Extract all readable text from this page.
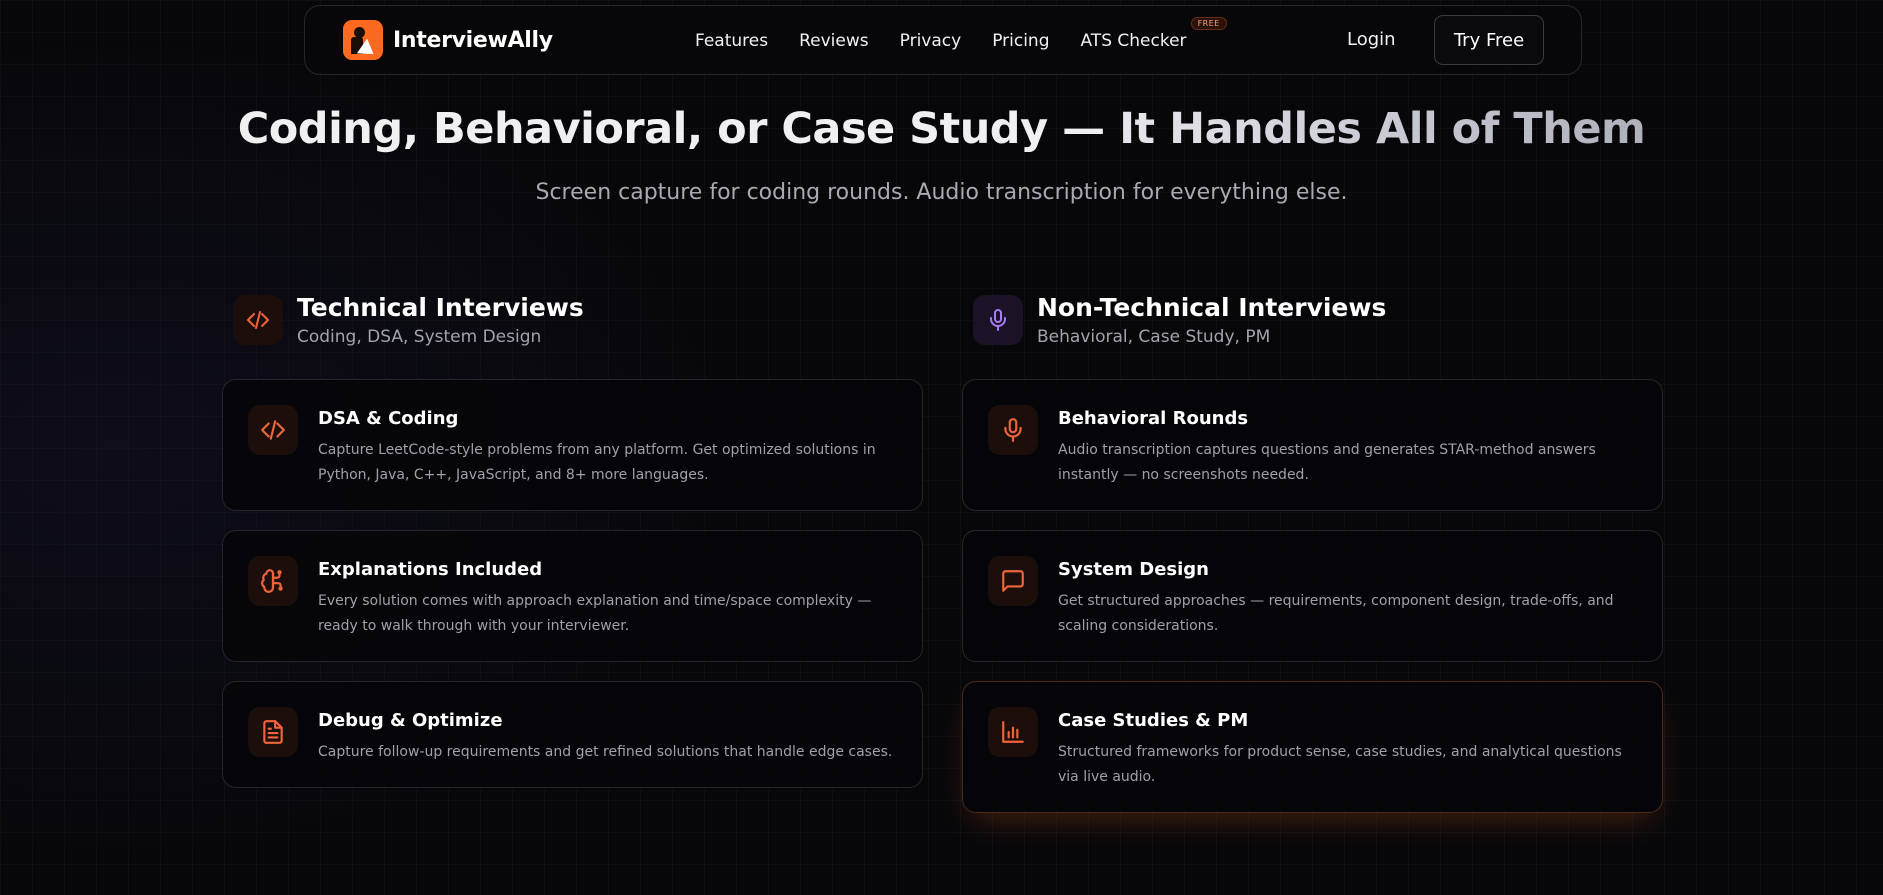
InterviewAlly	Features Reviews Privacy Pricing ATS Checker
FREE
Login	Try Free
Coding, Behavioral, or Case Study — It Handles All of Them

Screen capture for coding rounds. Audio transcription for everything else.

Technical Interviews
Coding, DSA, System Design
Non-Technical Interviews
Behavioral, Case Study, PM
DSA & Coding
Capture LeetCode-style problems from any platform. Get optimized solutions in Python, Java, C++, JavaScript, and 8+ more languages.
Explanations Included
Every solution comes with approach explanation and time/space complexity — ready to walk through with your interviewer.
Debug & Optimize
Capture follow-up requirements and get refined solutions that handle edge cases.
Behavioral Rounds
Audio transcription captures questions and generates STAR-method answers instantly — no screenshots needed.
System Design
Get structured approaches — requirements, component design, trade-offs, and scaling considerations.
Case Studies & PM
Structured frameworks for product sense, case studies, and analytical questions via live audio.
